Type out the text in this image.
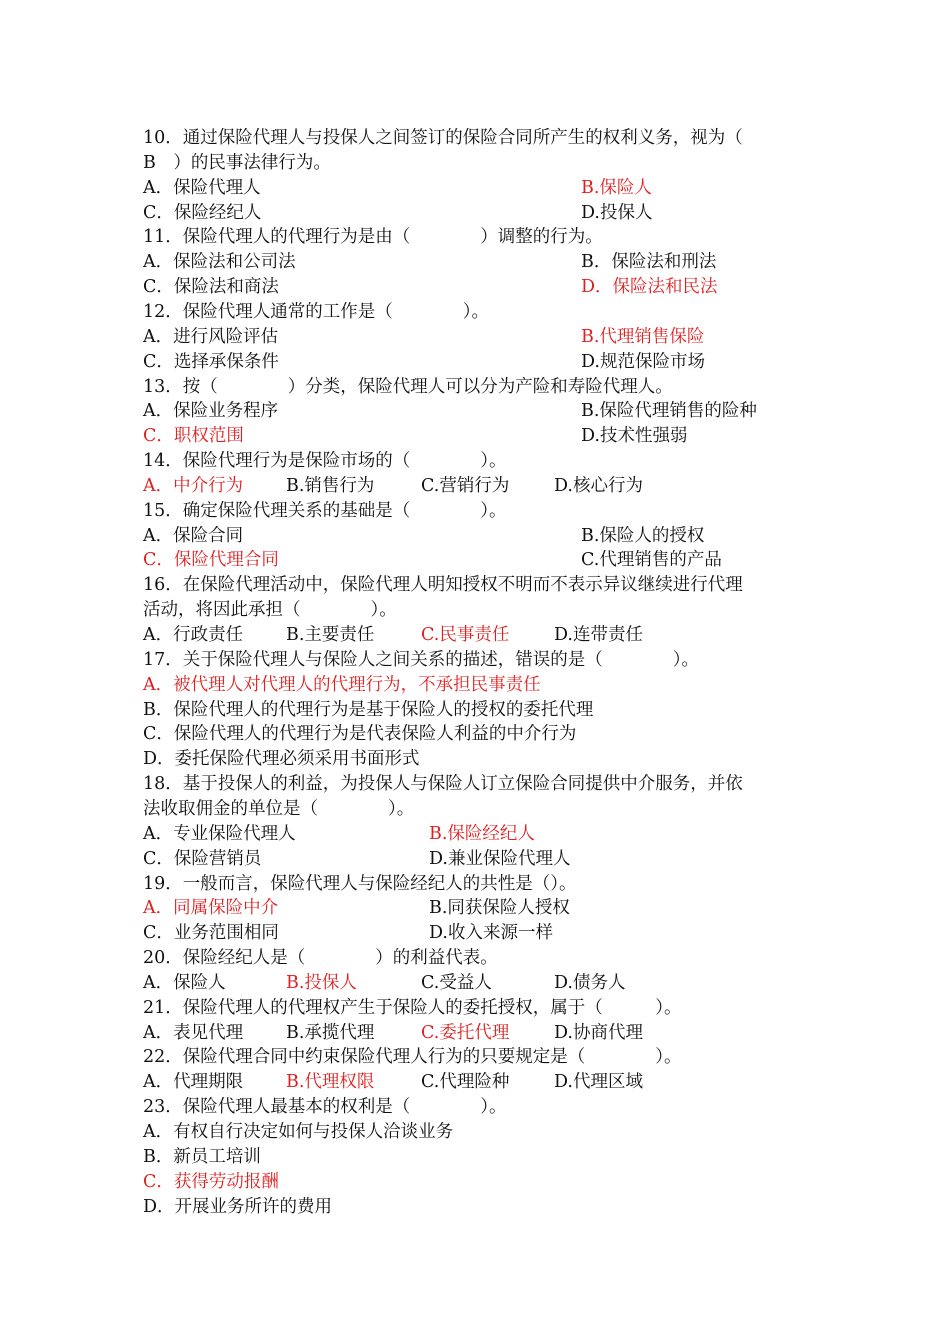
10．通过保险代理人与投保人之间签订的保险合同所产生的权利义务，视为（
B　）的民事法律行为。
A．保险代理人	B.保险人
C．保险经纪人	D.投保人
11．保险代理人的代理行为是由（　　　　）调整的行为。
A．保险法和公司法	B．保险法和刑法
C．保险法和商法	D．保险法和民法
12．保险代理人通常的工作是（　　　　）。
A．进行风险评估	B.代理销售保险
C．选择承保条件	D.规范保险市场
13．按（　　　　）分类，保险代理人可以分为产险和寿险代理人。
A．保险业务程序	B.保险代理销售的险种
C．职权范围	D.技术性强弱
14．保险代理行为是保险市场的（　　　　）。
A．中介行为 B.销售行为	C.营销行为	D.核心行为
15．确定保险代理关系的基础是（　　　　）。
A．保险合同	B.保险人的授权
C．保险代理合同	C.代理销售的产品
16．在保险代理活动中，保险代理人明知授权不明而不表示异议继续进行代理
活动，将因此承担（　　　　）。
A．行政责任 B.主要责任	C.民事责任	D.连带责任
17．关于保险代理人与保险人之间关系的描述，错误的是（　　　　）。
A．被代理人对代理人的代理行为，不承担民事责任
B．保险代理人的代理行为是基于保险人的授权的委托代理
C．保险代理人的代理行为是代表保险人利益的中介行为
D．委托保险代理必须采用书面形式
18．基于投保人的利益，为投保人与保险人订立保险合同提供中介服务，并依
法收取佣金的单位是（　　　　）。
A．专业保险代理人	B.保险经纪人
C．保险营销员	D.兼业保险代理人
19．一般而言，保险代理人与保险经纪人的共性是（）。
A．同属保险中介	B.同获保险人授权
C．业务范围相同	D.收入来源一样
20．保险经纪人是（　　　　）的利益代表。
A．保险人	B.投保人	C.受益人	D.债务人
21．保险代理人的代理权产生于保险人的委托授权，属于（　　　）。
A．表见代理 B.承揽代理	C.委托代理	D.协商代理
22．保险代理合同中约束保险代理人行为的只要规定是（　　　　）。
A．代理期限 B.代理权限	C.代理险种	D.代理区域
23．保险代理人最基本的权利是（　　　　）。
A．有权自行决定如何与投保人洽谈业务
B．新员工培训
C．获得劳动报酬
D．开展业务所许的费用
